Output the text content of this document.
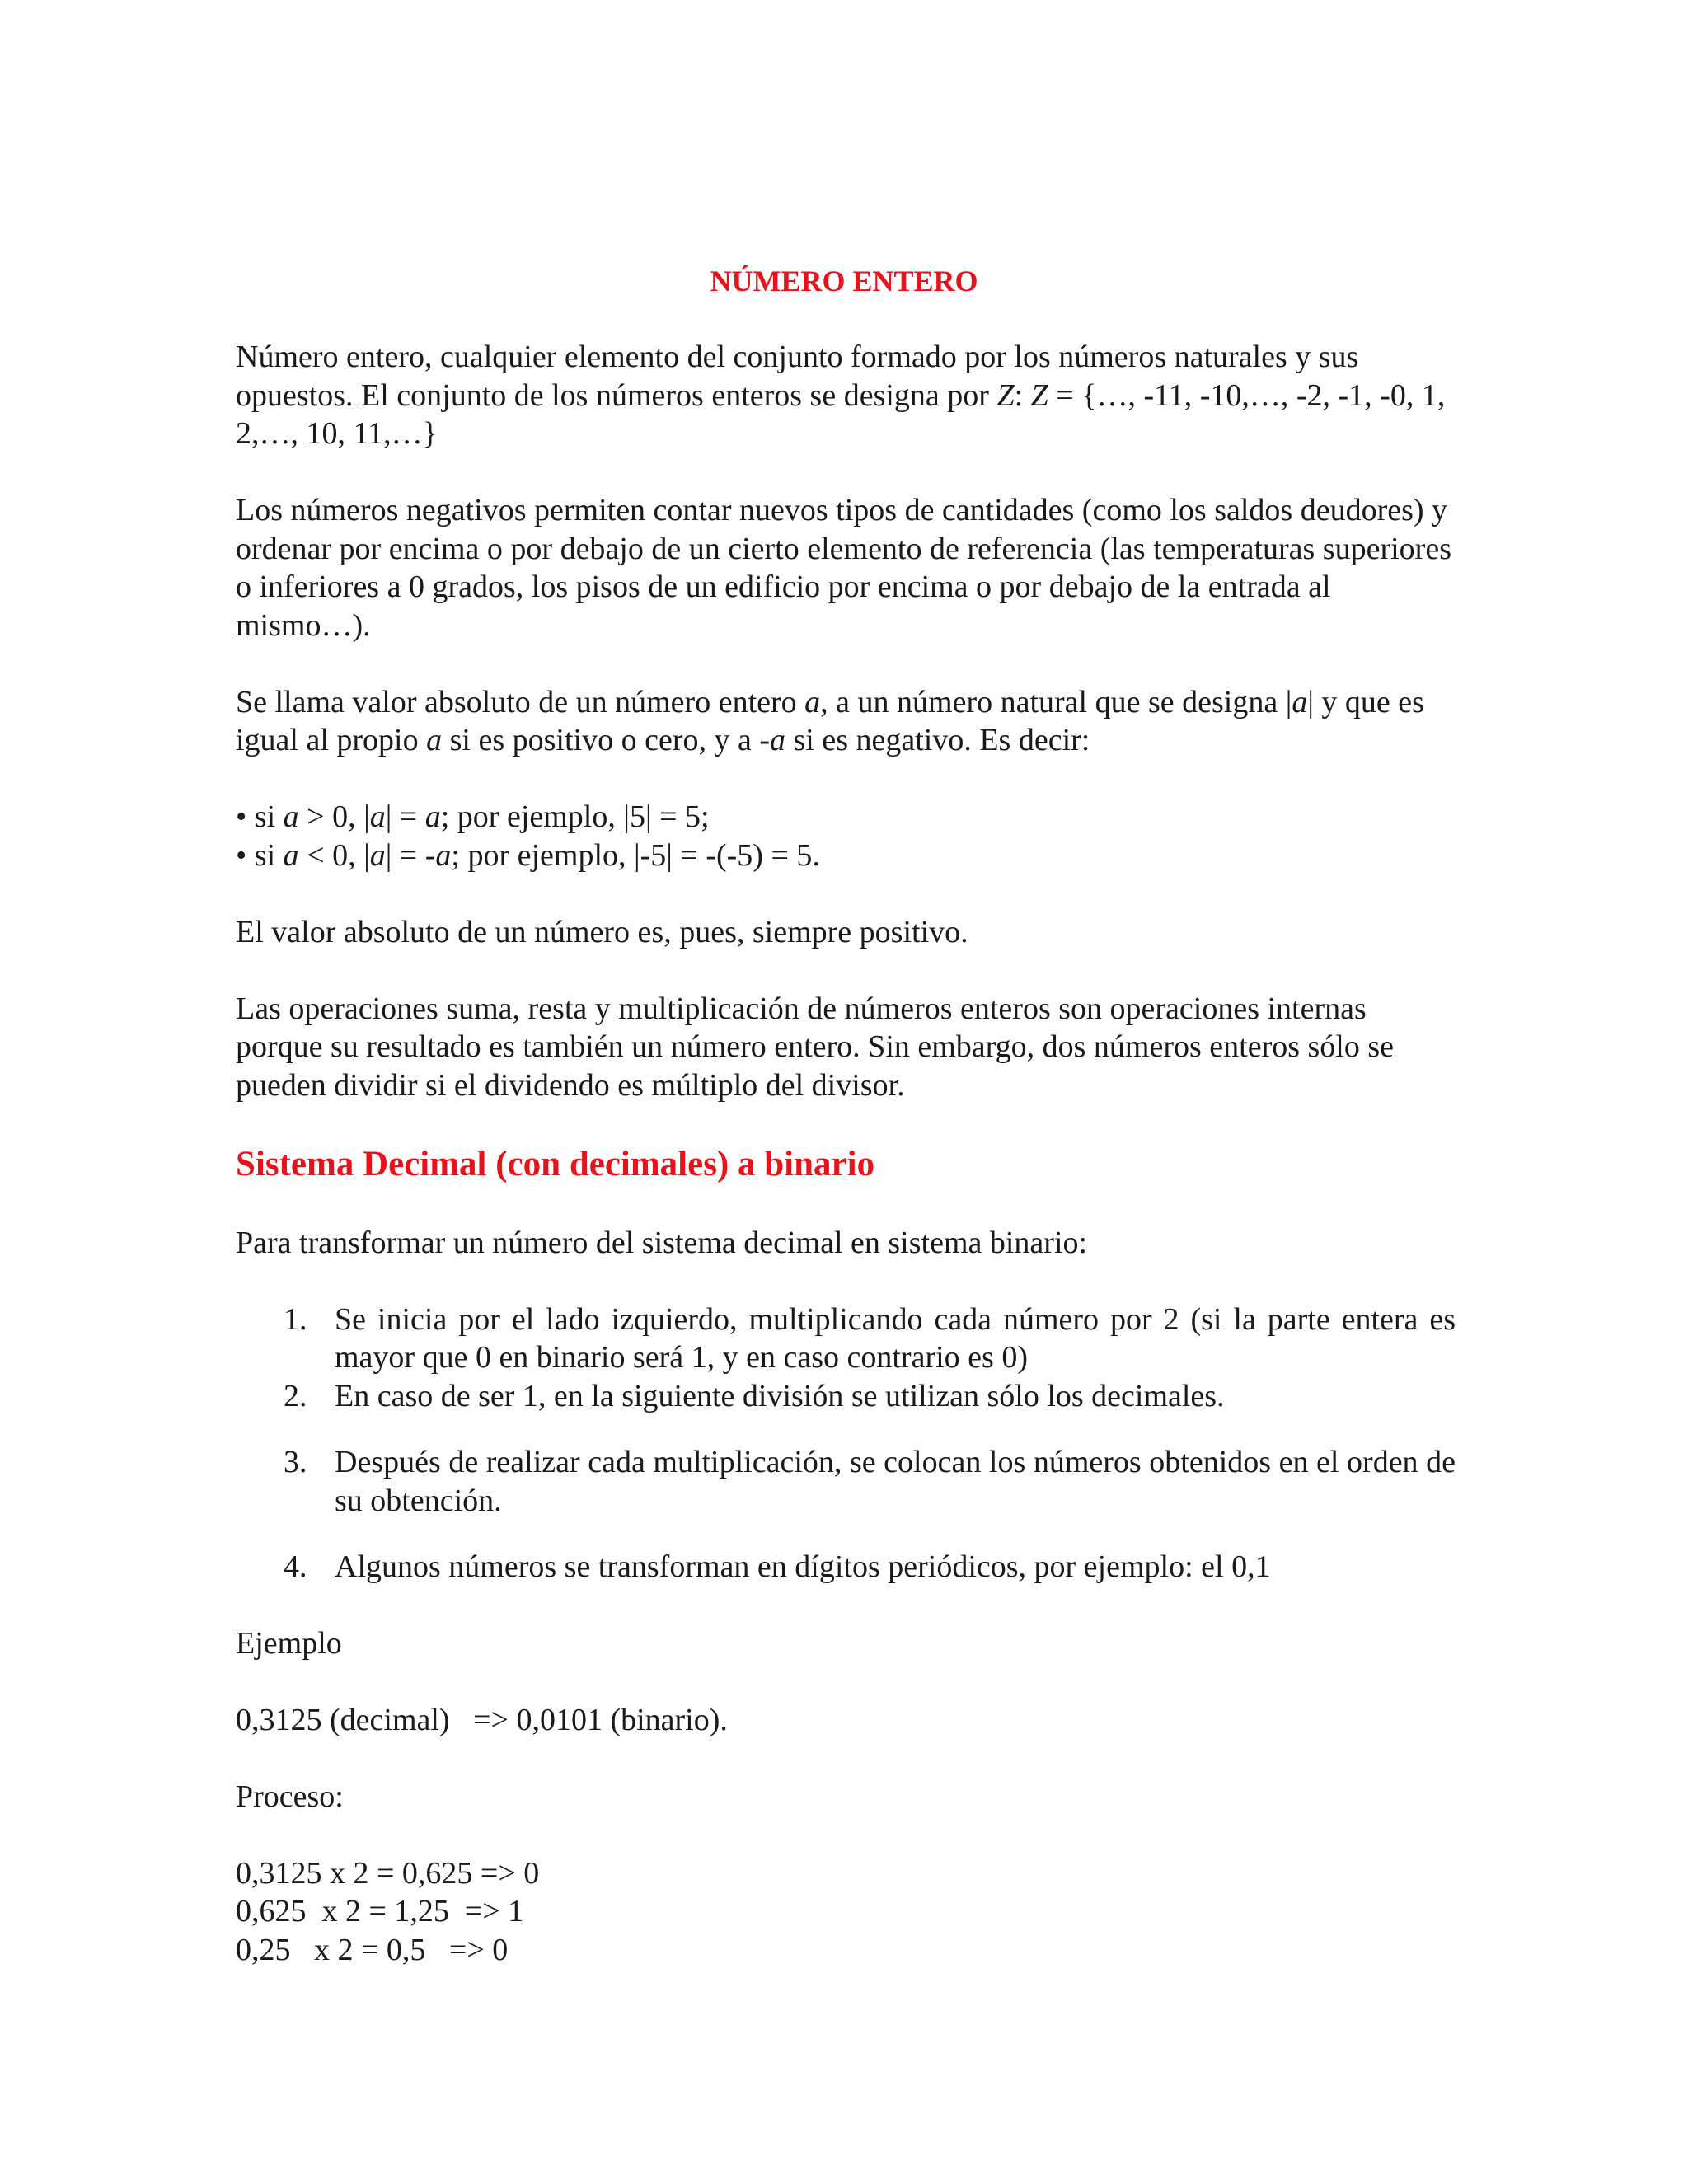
NÚMERO ENTERO

Número entero, cualquier elemento del conjunto formado por los números naturales y sus opuestos. El conjunto de los números enteros se designa por Z: Z = {…, -11, -10,…, -2, -1, -0, 1, 2,…, 10, 11,…}

Los números negativos permiten contar nuevos tipos de cantidades (como los saldos deudores) y ordenar por encima o por debajo de un cierto elemento de referencia (las temperaturas superiores o inferiores a 0 grados, los pisos de un edificio por encima o por debajo de la entrada al mismo…).

Se llama valor absoluto de un número entero a, a un número natural que se designa |a| y que es igual al propio a si es positivo o cero, y a -a si es negativo. Es decir:

• si a > 0, |a| = a; por ejemplo, |5| = 5;

• si a < 0, |a| = -a; por ejemplo, |-5| = -(-5) = 5.

El valor absoluto de un número es, pues, siempre positivo.

Las operaciones suma, resta y multiplicación de números enteros son operaciones internas porque su resultado es también un número entero. Sin embargo, dos números enteros sólo se pueden dividir si el dividendo es múltiplo del divisor.

Sistema Decimal (con decimales) a binario

Para transformar un número del sistema decimal en sistema binario:

1. Se inicia por el lado izquierdo, multiplicando cada número por 2 (si la parte entera es mayor que 0 en binario será 1, y en caso contrario es 0)
2. En caso de ser 1, en la siguiente división se utilizan sólo los decimales.
3. Después de realizar cada multiplicación, se colocan los números obtenidos en el orden de su obtención.
4. Algunos números se transforman en dígitos periódicos, por ejemplo: el 0,1

Ejemplo

0,3125 (decimal)   => 0,0101 (binario).

Proceso:

0,3125 x 2 = 0,625 => 0

0,625  x 2 = 1,25  => 1

0,25   x 2 = 0,5   => 0
